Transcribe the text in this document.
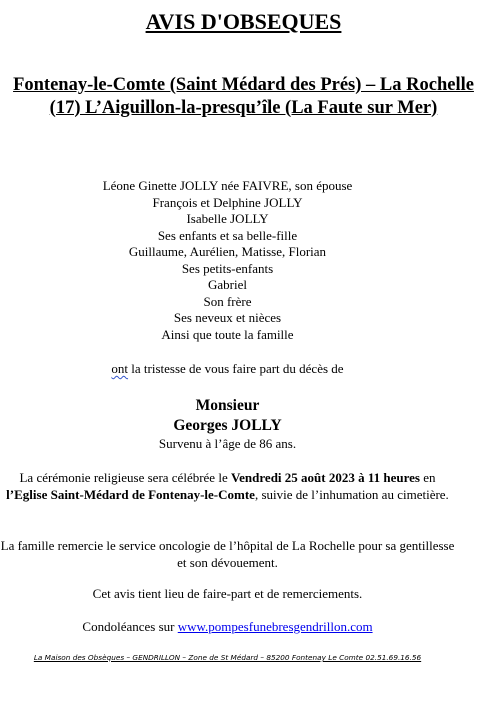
AVIS D'OBSEQUES
Fontenay-le-Comte (Saint Médard des Prés) – La Rochelle (17) L’Aiguillon-la-presqu’île (La Faute sur Mer)
Léone Ginette JOLLY née FAIVRE, son épouse
François et Delphine JOLLY
Isabelle JOLLY
Ses enfants et sa belle-fille
Guillaume, Aurélien, Matisse, Florian
Ses petits-enfants
Gabriel
Son frère
Ses neveux et nièces
Ainsi que toute la famille

ont la tristesse de vous faire part du décès de

Monsieur

Georges JOLLY

Survenu à l’âge de 86 ans.

La cérémonie religieuse sera célébrée le Vendredi 25 août 2023 à 11 heures en l’Eglise Saint-Médard de Fontenay-le-Comte, suivie de l’inhumation au cimetière.

La famille remercie le service oncologie de l’hôpital de La Rochelle pour sa gentillesse et son dévouement.

Cet avis tient lieu de faire-part et de remerciements.

Condoléances sur www.pompesfunebresgendrillon.com

La Maison des Obsèques – GENDRILLON – Zone de St Médard – 85200 Fontenay Le Comte 02.51.69.16.56
